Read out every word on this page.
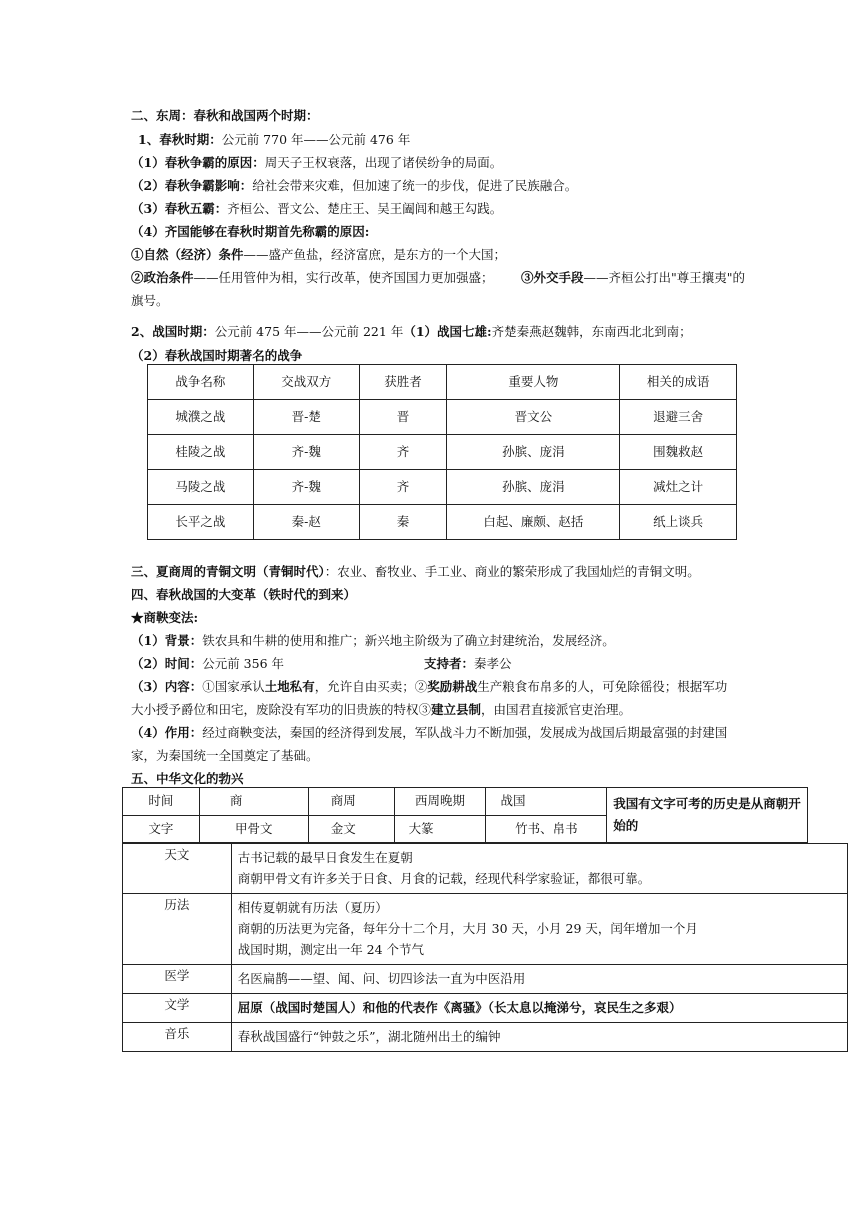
二、东周：春秋和战国两个时期：
1、春秋时期：公元前 770 年——公元前 476 年
（1）春秋争霸的原因：周天子王权衰落，出现了诸侯纷争的局面。
（2）春秋争霸影响：给社会带来灾难，但加速了统一的步伐，促进了民族融合。
（3）春秋五霸：齐桓公、晋文公、楚庄王、吴王阖闾和越王勾践。
（4）齐国能够在春秋时期首先称霸的原因:
①自然（经济）条件——盛产鱼盐，经济富庶，是东方的一个大国；
②政治条件——任用管仲为相，实行改革，使齐国国力更加强盛； ③外交手段——齐桓公打出"尊王攘夷"的
旗号。
2、战国时期：公元前 475 年——公元前 221 年（1）战国七雄:齐楚秦燕赵魏韩，东南西北北到南；
（2）春秋战国时期著名的战争
战争名称	交战双方	获胜者	重要人物	相关的成语
城濮之战	晋-楚	晋	晋文公	退避三舍
桂陵之战	齐-魏	齐	孙膑、庞涓	围魏救赵
马陵之战	齐-魏	齐	孙膑、庞涓	减灶之计
长平之战	秦-赵	秦	白起、廉颇、赵括	纸上谈兵
三、夏商周的青铜文明（青铜时代）：农业、畜牧业、手工业、商业的繁荣形成了我国灿烂的青铜文明。
四、春秋战国的大变革（铁时代的到来）
★商鞅变法:
（1）背景：铁农具和牛耕的使用和推广；新兴地主阶级为了确立封建统治，发展经济。
（2）时间：公元前 356 年	支持者：秦孝公
（3）内容：①国家承认土地私有，允许自由买卖；②奖励耕战生产粮食布帛多的人，可免除徭役；根据军功
大小授予爵位和田宅，废除没有军功的旧贵族的特权③建立县制，由国君直接派官吏治理。
（4）作用：经过商鞅变法，秦国的经济得到发展，军队战斗力不断加强，发展成为战国后期最富强的封建国
家，为秦国统一全国奠定了基础。
五、中华文化的勃兴
时间	商	商周	西周晚期	战国	我国有文字可考的历史是从商朝开始的
文字	甲骨文	金文	大篆	竹书、帛书	
天文	古书记载的最早日食发生在夏朝
商朝甲骨文有许多关于日食、月食的记载，经现代科学家验证，都很可靠。

历法	相传夏朝就有历法（夏历）
商朝的历法更为完备，每年分十二个月，大月 30 天，小月 29 天，闰年增加一个月
战国时期，测定出一年 24 个节气

医学	名医扁鹊——望、闻、问、切四诊法一直为中医沿用

文学	屈原（战国时楚国人）和他的代表作《离骚》（长太息以掩涕兮，哀民生之多艰）

音乐	春秋战国盛行“钟鼓之乐”，湖北随州出土的编钟
